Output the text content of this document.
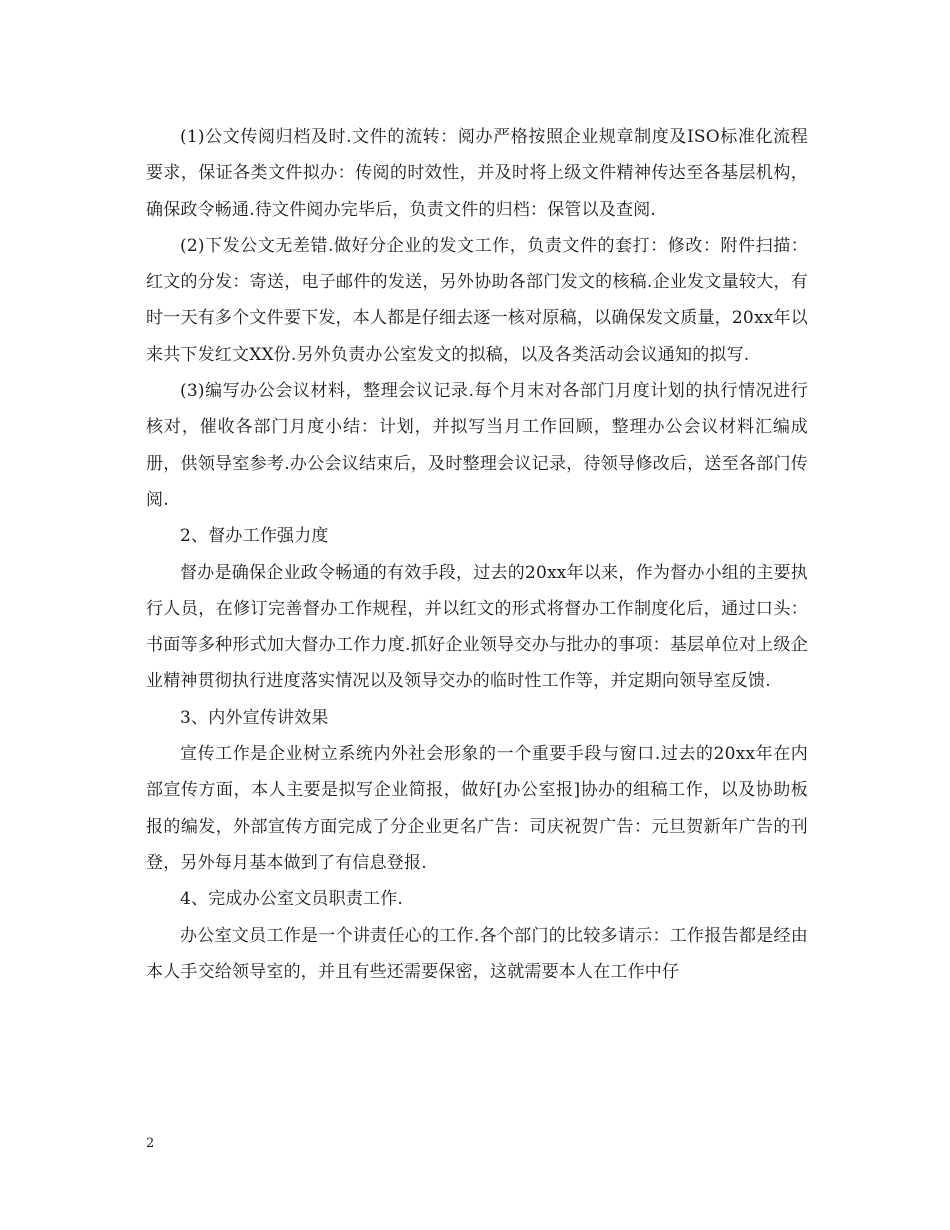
(1)公文传阅归档及时.文件的流转：阅办严格按照企业规章制度及ISO标准化流程要求，保证各类文件拟办：传阅的时效性，并及时将上级文件精神传达至各基层机构，确保政令畅通.待文件阅办完毕后，负责文件的归档：保管以及查阅.

(2)下发公文无差错.做好分企业的发文工作，负责文件的套打：修改：附件扫描：红文的分发：寄送，电子邮件的发送，另外协助各部门发文的核稿.企业发文量较大，有时一天有多个文件要下发，本人都是仔细去逐一核对原稿，以确保发文质量，20xx年以来共下发红文XX份.另外负责办公室发文的拟稿，以及各类活动会议通知的拟写.

(3)编写办公会议材料，整理会议记录.每个月末对各部门月度计划的执行情况进行核对，催收各部门月度小结：计划，并拟写当月工作回顾，整理办公会议材料汇编成册，供领导室参考.办公会议结束后，及时整理会议记录，待领导修改后，送至各部门传阅.

2、督办工作强力度

督办是确保企业政令畅通的有效手段，过去的20xx年以来，作为督办小组的主要执行人员，在修订完善督办工作规程，并以红文的形式将督办工作制度化后，通过口头：书面等多种形式加大督办工作力度.抓好企业领导交办与批办的事项：基层单位对上级企业精神贯彻执行进度落实情况以及领导交办的临时性工作等，并定期向领导室反馈.

3、内外宣传讲效果

宣传工作是企业树立系统内外社会形象的一个重要手段与窗口.过去的20xx年在内部宣传方面，本人主要是拟写企业简报，做好[办公室报]协办的组稿工作，以及协助板报的编发，外部宣传方面完成了分企业更名广告：司庆祝贺广告：元旦贺新年广告的刊登，另外每月基本做到了有信息登报.

4、完成办公室文员职责工作.

办公室文员工作是一个讲责任心的工作.各个部门的比较多请示：工作报告都是经由本人手交给领导室的，并且有些还需要保密，这就需要本人在工作中仔

2
